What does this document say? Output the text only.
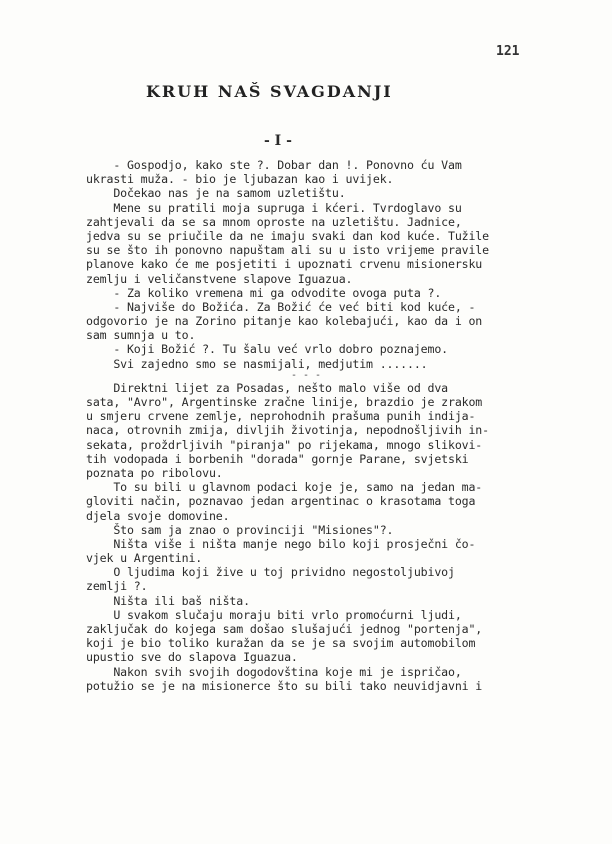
121
KRUH NAŠ SVAGDANJI
- I -
- Gospodjo, kako ste ?. Dobar dan !. Ponovno ću Vam
ukrasti muža. - bio je ljubazan kao i uvijek.
Dočekao nas je na samom uzletištu.
Mene su pratili moja supruga i kćeri. Tvrdoglavo su
zahtjevali da se sa mnom oproste na uzletištu. Jadnice,
jedva su se priučile da ne imaju svaki dan kod kuće. Tužile
su se što ih ponovno napuštam ali su u isto vrijeme pravile
planove kako će me posjetiti i upoznati crvenu misionersku
zemlju i veličanstvene slapove Iguazua.
- Za koliko vremena mi ga odvodite ovoga puta ?.
- Najviše do Božića. Za Božić će već biti kod kuće, -
odgovorio je na Zorino pitanje kao kolebajući, kao da i on
sam sumnja u to.
- Koji Božić ?. Tu šalu već vrlo dobro poznajemo.
Svi zajedno smo se nasmijali, medjutim .......
- - -
Direktni lijet za Posadas, nešto malo više od dva
sata, "Avro", Argentinske zračne linije, brazdio je zrakom
u smjeru crvene zemlje, neprohodnih prašuma punih indija-
naca, otrovnih zmija, divljih životinja, nepodnošljivih in-
sekata, proždrljivih "piranja" po rijekama, mnogo slikovi-
tih vodopada i borbenih "dorada" gornje Parane, svjetski
poznata po ribolovu.
To su bili u glavnom podaci koje je, samo na jedan ma-
gloviti način, poznavao jedan argentinac o krasotama toga
djela svoje domovine.
Što sam ja znao o provinciji "Misiones"?.
Ništa više i ništa manje nego bilo koji prosječni čo-
vjek u Argentini.
O ljudima koji žive u toj prividno negostoljubivoj
zemlji ?.
Ništa ili baš ništa.
U svakom slučaju moraju biti vrlo promoćurni ljudi,
zaključak do kojega sam došao slušajući jednog "portenja",
koji je bio toliko kuražan da se je sa svojim automobilom
upustio sve do slapova Iguazua.
Nakon svih svojih dogodovština koje mi je ispričao,
potužio se je na misionerce što su bili tako neuvidjavni i
